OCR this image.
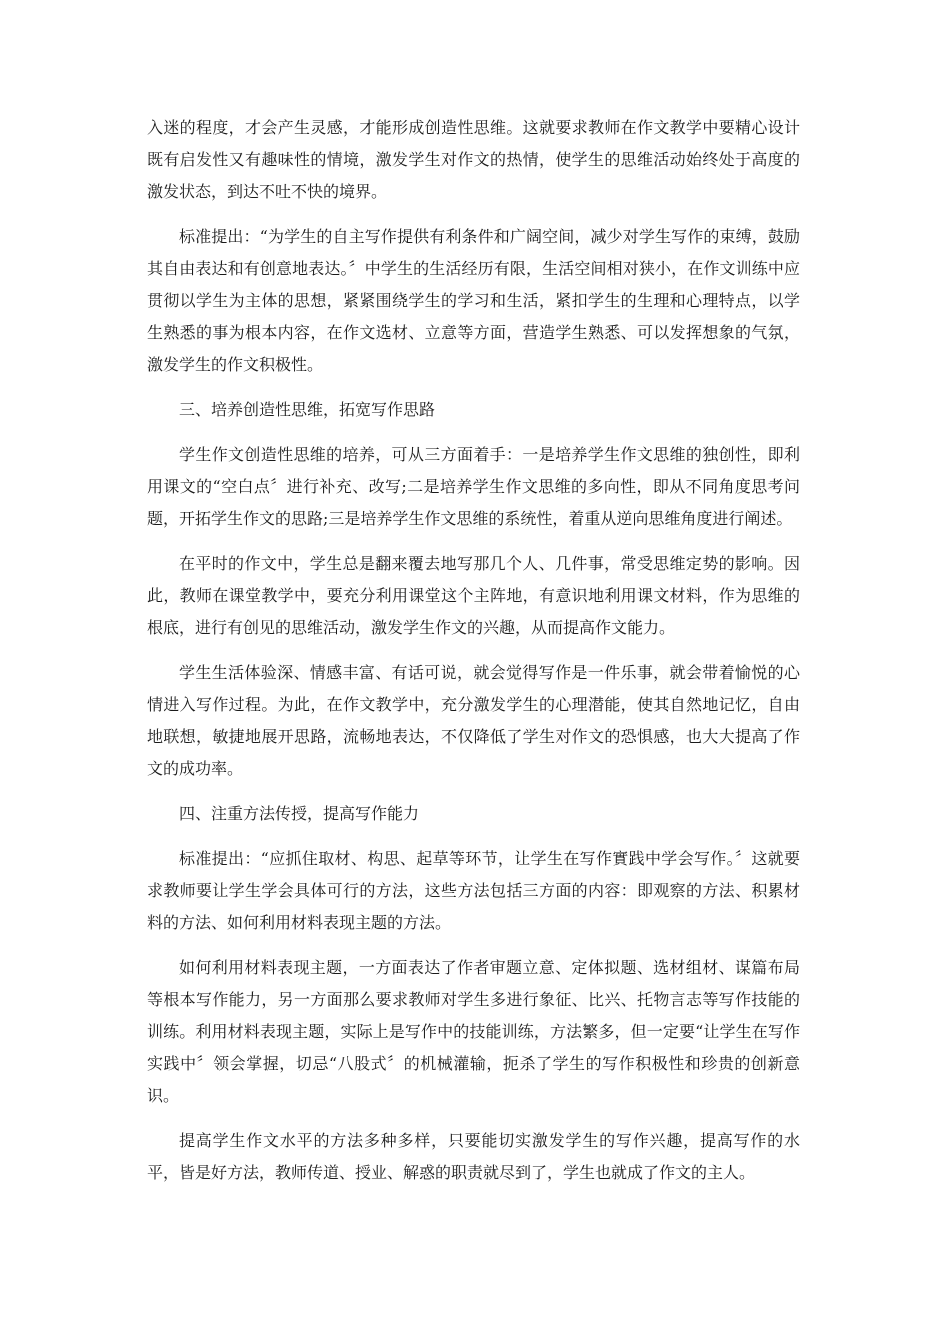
入迷的程度，才会产生灵感，才能形成创造性思维。这就要求教师在作文教学中要精心设计既有启发性又有趣味性的情境，激发学生对作文的热情，使学生的思维活动始终处于高度的激发状态，到达不吐不快的境界。

标准提出：“为学生的自主写作提供有利条件和广阔空间，减少对学生写作的束缚，鼓励其自由表达和有创意地表达。〞中学生的生活经历有限，生活空间相对狭小，在作文训练中应贯彻以学生为主体的思想，紧紧围绕学生的学习和生活，紧扣学生的生理和心理特点，以学生熟悉的事为根本内容，在作文选材、立意等方面，营造学生熟悉、可以发挥想象的气氛，激发学生的作文积极性。

三、培养创造性思维，拓宽写作思路

学生作文创造性思维的培养，可从三方面着手：一是培养学生作文思维的独创性，即利用课文的“空白点〞进行补充、改写;二是培养学生作文思维的多向性，即从不同角度思考问题，开拓学生作文的思路;三是培养学生作文思维的系统性，着重从逆向思维角度进行阐述。

在平时的作文中，学生总是翻来覆去地写那几个人、几件事，常受思维定势的影响。因此，教师在课堂教学中，要充分利用课堂这个主阵地，有意识地利用课文材料，作为思维的根底，进行有创见的思维活动，激发学生作文的兴趣，从而提高作文能力。

学生生活体验深、情感丰富、有话可说，就会觉得写作是一件乐事，就会带着愉悦的心情进入写作过程。为此，在作文教学中，充分激发学生的心理潜能，使其自然地记忆，自由地联想，敏捷地展开思路，流畅地表达，不仅降低了学生对作文的恐惧感，也大大提高了作文的成功率。

四、注重方法传授，提高写作能力

标准提出：“应抓住取材、构思、起草等环节，让学生在写作實践中学会写作。〞这就要求教师要让学生学会具体可行的方法，这些方法包括三方面的内容：即观察的方法、积累材料的方法、如何利用材料表现主题的方法。

如何利用材料表现主题，一方面表达了作者审题立意、定体拟题、选材组材、谋篇布局等根本写作能力，另一方面那么要求教师对学生多进行象征、比兴、托物言志等写作技能的训练。利用材料表现主题，实际上是写作中的技能训练，方法繁多，但一定要“让学生在写作实践中〞领会掌握，切忌“八股式〞的机械灌输，扼杀了学生的写作积极性和珍贵的创新意识。

提高学生作文水平的方法多种多样，只要能切实激发学生的写作兴趣，提高写作的水平，皆是好方法，教师传道、授业、解惑的职责就尽到了，学生也就成了作文的主人。
